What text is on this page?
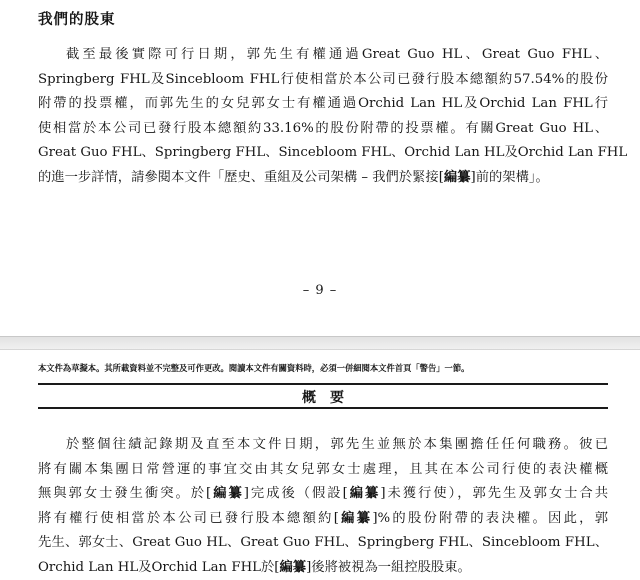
我們的股東
截至最後實際可行日期，郭先生有權通過Great Guo HL、Great Guo FHL、
Springberg FHL及Sincebloom FHL行使相當於本公司已發行股本總額約57.54%的股份
附帶的投票權，而郭先生的女兒郭女士有權通過Orchid Lan HL及Orchid Lan FHL行
使相當於本公司已發行股本總額約33.16%的股份附帶的投票權。有關Great Guo HL、
Great Guo FHL、Springberg FHL、Sincebloom FHL、Orchid Lan HL及Orchid Lan FHL
的進一步詳情，請參閱本文件「歷史、重組及公司架構 – 我們於緊接[編纂]前的架構」。
– 9 –
本文件為草擬本。其所載資料並不完整及可作更改。閱讀本文件有關資料時，必須一併細閱本文件首頁「警告」一節。
概要
於整個往績記錄期及直至本文件日期，郭先生並無於本集團擔任任何職務。彼已
將有關本集團日常營運的事宜交由其女兒郭女士處理，且其在本公司行使的表決權概
無與郭女士發生衝突。於[編纂]完成後（假設[編纂]未獲行使），郭先生及郭女士合共
將有權行使相當於本公司已發行股本總額約[編纂]%的股份附帶的表決權。因此，郭
先生、郭女士、Great Guo HL、Great Guo FHL、Springberg FHL、Sincebloom FHL、
Orchid Lan HL及Orchid Lan FHL於[編纂]後將被視為一組控股股東。
